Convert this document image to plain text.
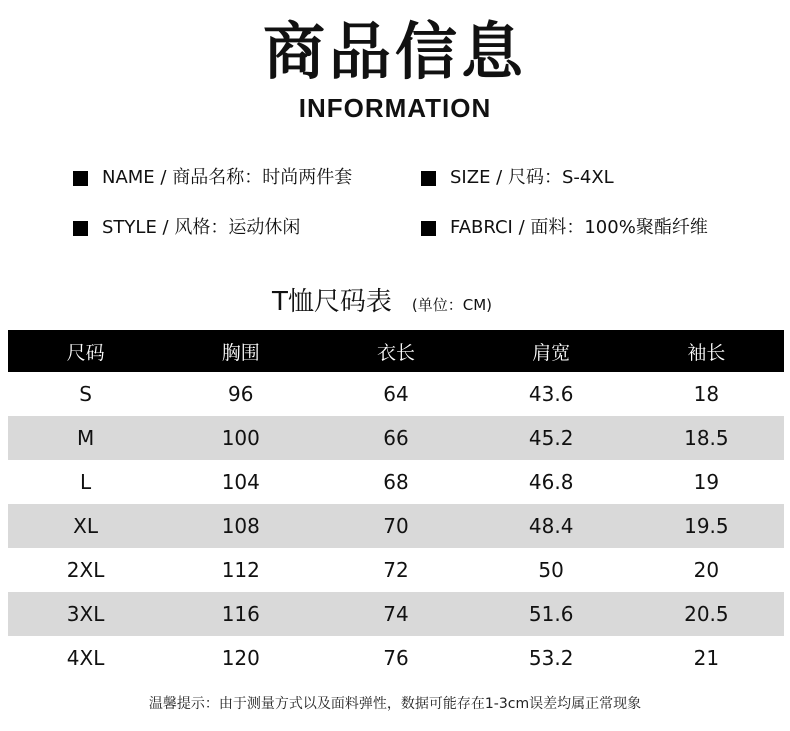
商品信息
INFORMATION
NAME / 商品名称：时尚两件套	SIZE / 尺码：S-4XL
STYLE / 风格：运动休闲	FABRCI / 面料：100%聚酯纤维
T恤尺码表 (单位：CM)
尺码	胸围	衣长	肩宽	袖长
S	96	64	43.6	18
M	100	66	45.2	18.5
L	104	68	46.8	19
XL	108	70	48.4	19.5
2XL	112	72	50	20
3XL	116	74	51.6	20.5
4XL	120	76	53.2	21
温馨提示：由于测量方式以及面料弹性，数据可能存在1-3cm误差均属正常现象
